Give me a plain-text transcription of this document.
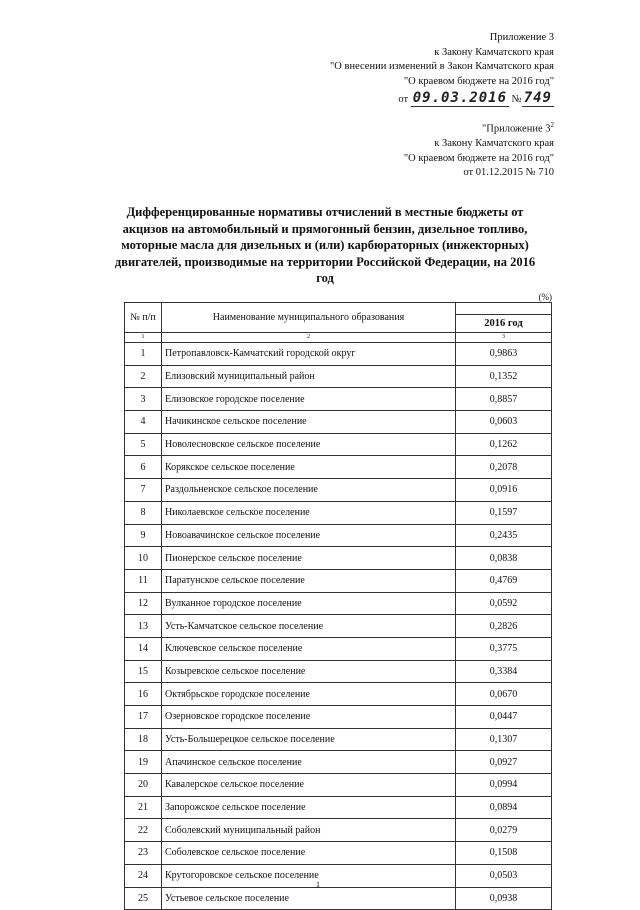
Приложение 3
к Закону Камчатского края
"О внесении изменений в Закон Камчатского края
"О краевом бюджете на 2016 год"
от 09.03.2016 № 749
"Приложение $3^2$
к Закону Камчатского края
"О краевом бюджете на 2016 год"
от 01.12.2015 № 710
Дифференцированные нормативы отчислений в местные бюджеты от акцизов на автомобильный и прямогонный бензин, дизельное топливо, моторные масла для дизельных и (или) карбюраторных (инжекторных) двигателей, производимые на территории Российской Федерации, на 2016 год
(%)
№ п/п	Наименование муниципального образования	2016 год

1	2	3
1	Петропавловск-Камчатский городской округ	0,9863
2	Елизовский муниципальный район	0,1352
3	Елизовское городское поселение	0,8857
4	Начикинское сельское поселение	0,0603
5	Новолесновское сельское поселение	0,1262
6	Корякское сельское поселение	0,2078
7	Раздольненское сельское поселение	0,0916
8	Николаевское сельское поселение	0,1597
9	Новоавачинское сельское поселение	0,2435
10	Пионерское сельское поселение	0,0838
11	Паратунское сельское поселение	0,4769
12	Вулканное городское поселение	0,0592
13	Усть-Камчатское сельское поселение	0,2826
14	Ключевское сельское поселение	0,3775
15	Козыревское сельское поселение	0,3384
16	Октябрьское городское поселение	0,0670
17	Озерновское городское поселение	0,0447
18	Усть-Большерецкое сельское поселение	0,1307
19	Апачинское сельское поселение	0,0927
20	Кавалерское сельское поселение	0,0994
21	Запорожское сельское поселение	0,0894
22	Соболевский муниципальный район	0,0279
23	Соболевское сельское поселение	0,1508
24	Крутогоровское сельское поселение	0,0503
25	Устьевое сельское поселение	0,0938
1
